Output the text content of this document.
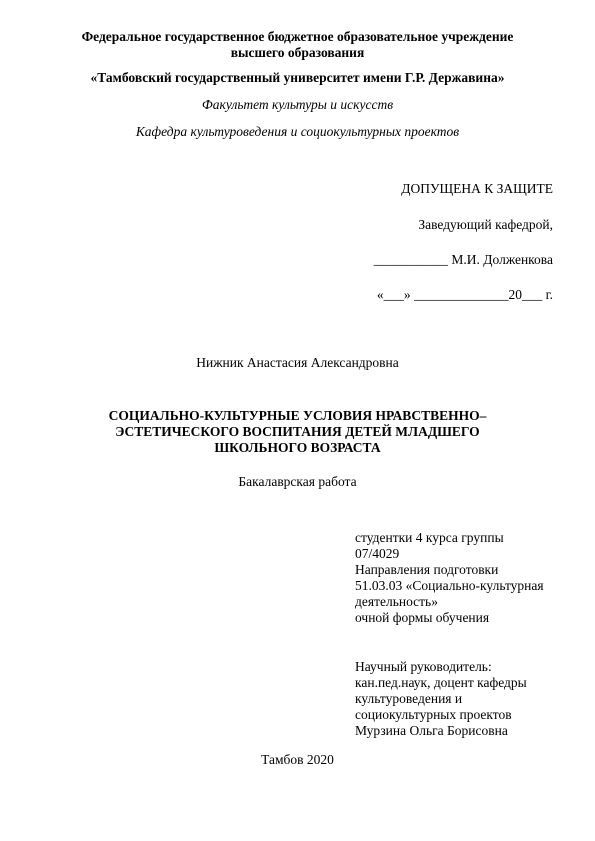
Федеральное государственное бюджетное образовательное учреждение
высшего образования
«Тамбовский государственный университет имени Г.Р. Державина»
Факультет культуры и искусств
Кафедра культуроведения и социокультурных проектов
ДОПУЩЕНА К ЗАЩИТЕ
Заведующий кафедрой,
___________ М.И. Долженкова
«___» ______________20___ г.
Нижник Анастасия Александровна
СОЦИАЛЬНО-КУЛЬТУРНЫЕ УСЛОВИЯ НРАВСТВЕННО–
ЭСТЕТИЧЕСКОГО ВОСПИТАНИЯ ДЕТЕЙ МЛАДШЕГО
ШКОЛЬНОГО ВОЗРАСТА
Бакалаврская работа
студентки 4 курса группы
07/4029
Направления подготовки
51.03.03 «Социально-культурная
деятельность»
очной формы обучения
Научный руководитель:
кан.пед.наук, доцент кафедры
культуроведения и
социокультурных проектов
Мурзина Ольга Борисовна
Тамбов 2020
